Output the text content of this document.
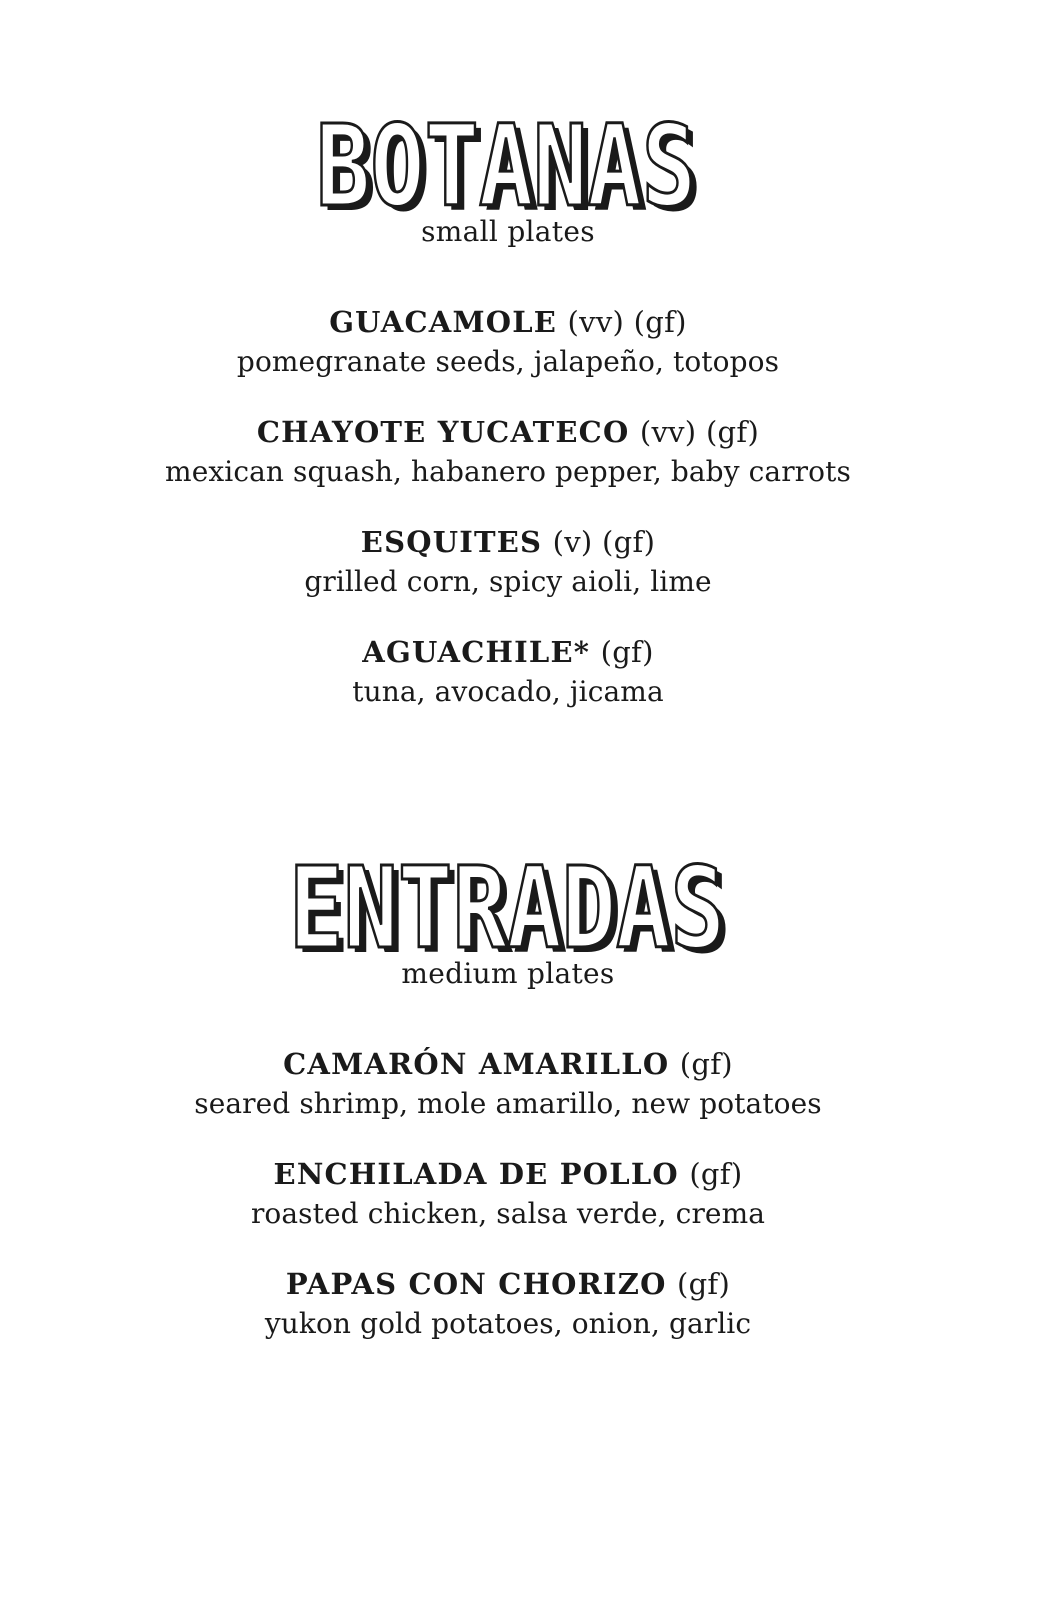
BOTANAS
BOTANAS
small plates
GUACAMOLE (vv) (gf)
pomegranate seeds, jalapeño, totopos
CHAYOTE YUCATECO (vv) (gf)
mexican squash, habanero pepper, baby carrots
ESQUITES (v) (gf)
grilled corn, spicy aioli, lime
AGUACHILE* (gf)
tuna, avocado, jicama
ENTRADAS
ENTRADAS
medium plates
CAMARÓN AMARILLO (gf)
seared shrimp, mole amarillo, new potatoes
ENCHILADA DE POLLO (gf)
roasted chicken, salsa verde, crema
PAPAS CON CHORIZO (gf)
yukon gold potatoes, onion, garlic
